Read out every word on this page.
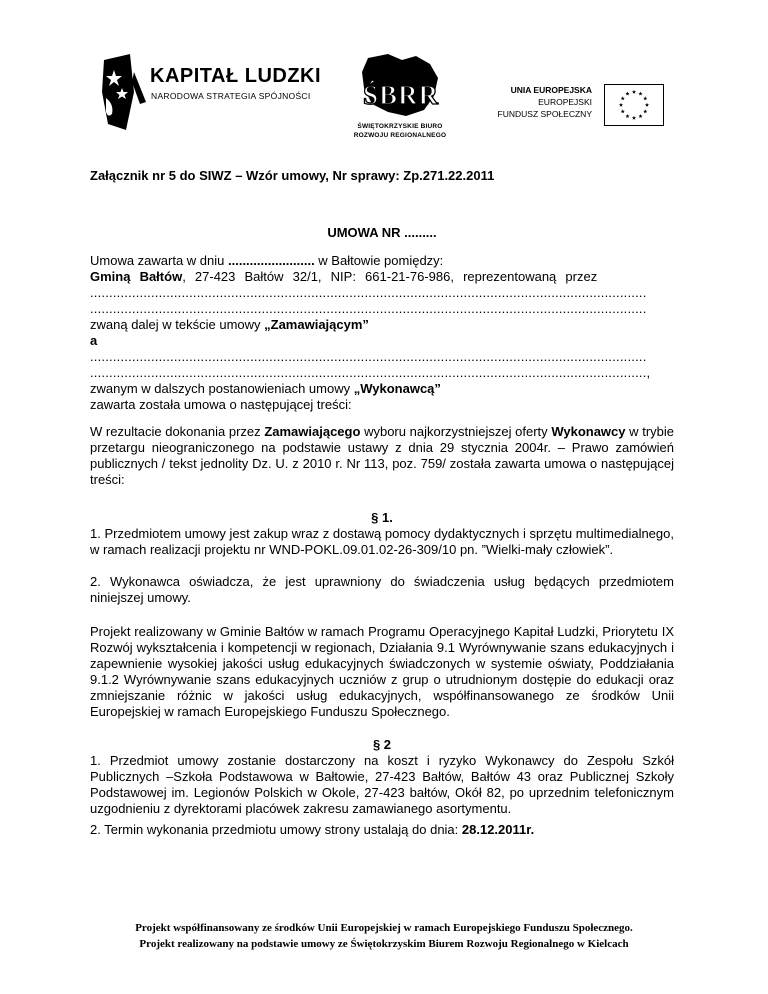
KAPITAŁ LUDZKI
NARODOWA STRATEGIA SPÓJNOŚCI	ŚBRR
ŚWIĘTOKRZYSKIE BIURO
ROZWOJU REGIONALNEGO
UNIA EUROPEJSKA
EUROPEJSKI
FUNDUSZ SPOŁECZNY
Załącznik nr 5 do SIWZ – Wzór umowy, Nr sprawy: Zp.271.22.2011
UMOWA NR .........
Umowa zawarta w dniu ........................ w Bałtowie pomiędzy:
Gminą Bałtów, 27-423 Bałtów 32/1, NIP: 661-21-76-986, reprezentowaną przez
..................................................................................................................................................
..................................................................................................................................................
zwaną dalej w tekście umowy „Zamawiającym”
a
..................................................................................................................................................
..................................................................................................................................................,
zwanym w dalszych postanowieniach umowy „Wykonawcą”
zawarta została umowa o następującej treści:
W rezultacie dokonania przez Zamawiającego wyboru najkorzystniejszej oferty Wykonawcy w trybie przetargu nieograniczonego na podstawie ustawy z dnia 29 stycznia 2004r. – Prawo zamówień publicznych / tekst jednolity Dz. U. z 2010 r. Nr 113, poz. 759/ została zawarta umowa o następującej treści:
§ 1.
1. Przedmiotem umowy jest zakup wraz z dostawą pomocy dydaktycznych i sprzętu multimedialnego, w ramach realizacji projektu nr WND-POKL.09.01.02-26-309/10 pn. ”Wielki-mały człowiek”.
2. Wykonawca oświadcza, że jest uprawniony do świadczenia usług będących przedmiotem niniejszej umowy.
Projekt realizowany w Gminie Bałtów w ramach Programu Operacyjnego Kapitał Ludzki, Priorytetu IX Rozwój wykształcenia i kompetencji w regionach, Działania 9.1 Wyrównywanie szans edukacyjnych i zapewnienie wysokiej jakości usług edukacyjnych świadczonych w systemie oświaty, Poddziałania 9.1.2 Wyrównywanie szans edukacyjnych uczniów z grup o utrudnionym dostępie do edukacji oraz zmniejszanie różnic w jakości usług edukacyjnych, współfinansowanego ze środków Unii Europejskiej w ramach Europejskiego Funduszu Społecznego.
§ 2
1. Przedmiot umowy zostanie dostarczony na koszt i ryzyko Wykonawcy do Zespołu Szkół Publicznych –Szkoła Podstawowa w Bałtowie, 27-423 Bałtów, Bałtów 43 oraz Publicznej Szkoły Podstawowej im. Legionów Polskich w Okole, 27-423 bałtów, Okół 82, po uprzednim telefonicznym uzgodnieniu z dyrektorami placówek zakresu zamawianego asortymentu.
2. Termin wykonania przedmiotu umowy strony ustalają do dnia: 28.12.2011r.
Projekt współfinansowany ze środków Unii Europejskiej w ramach Europejskiego Funduszu Społecznego.
Projekt realizowany na podstawie umowy ze Świętokrzyskim Biurem Rozwoju Regionalnego w Kielcach
